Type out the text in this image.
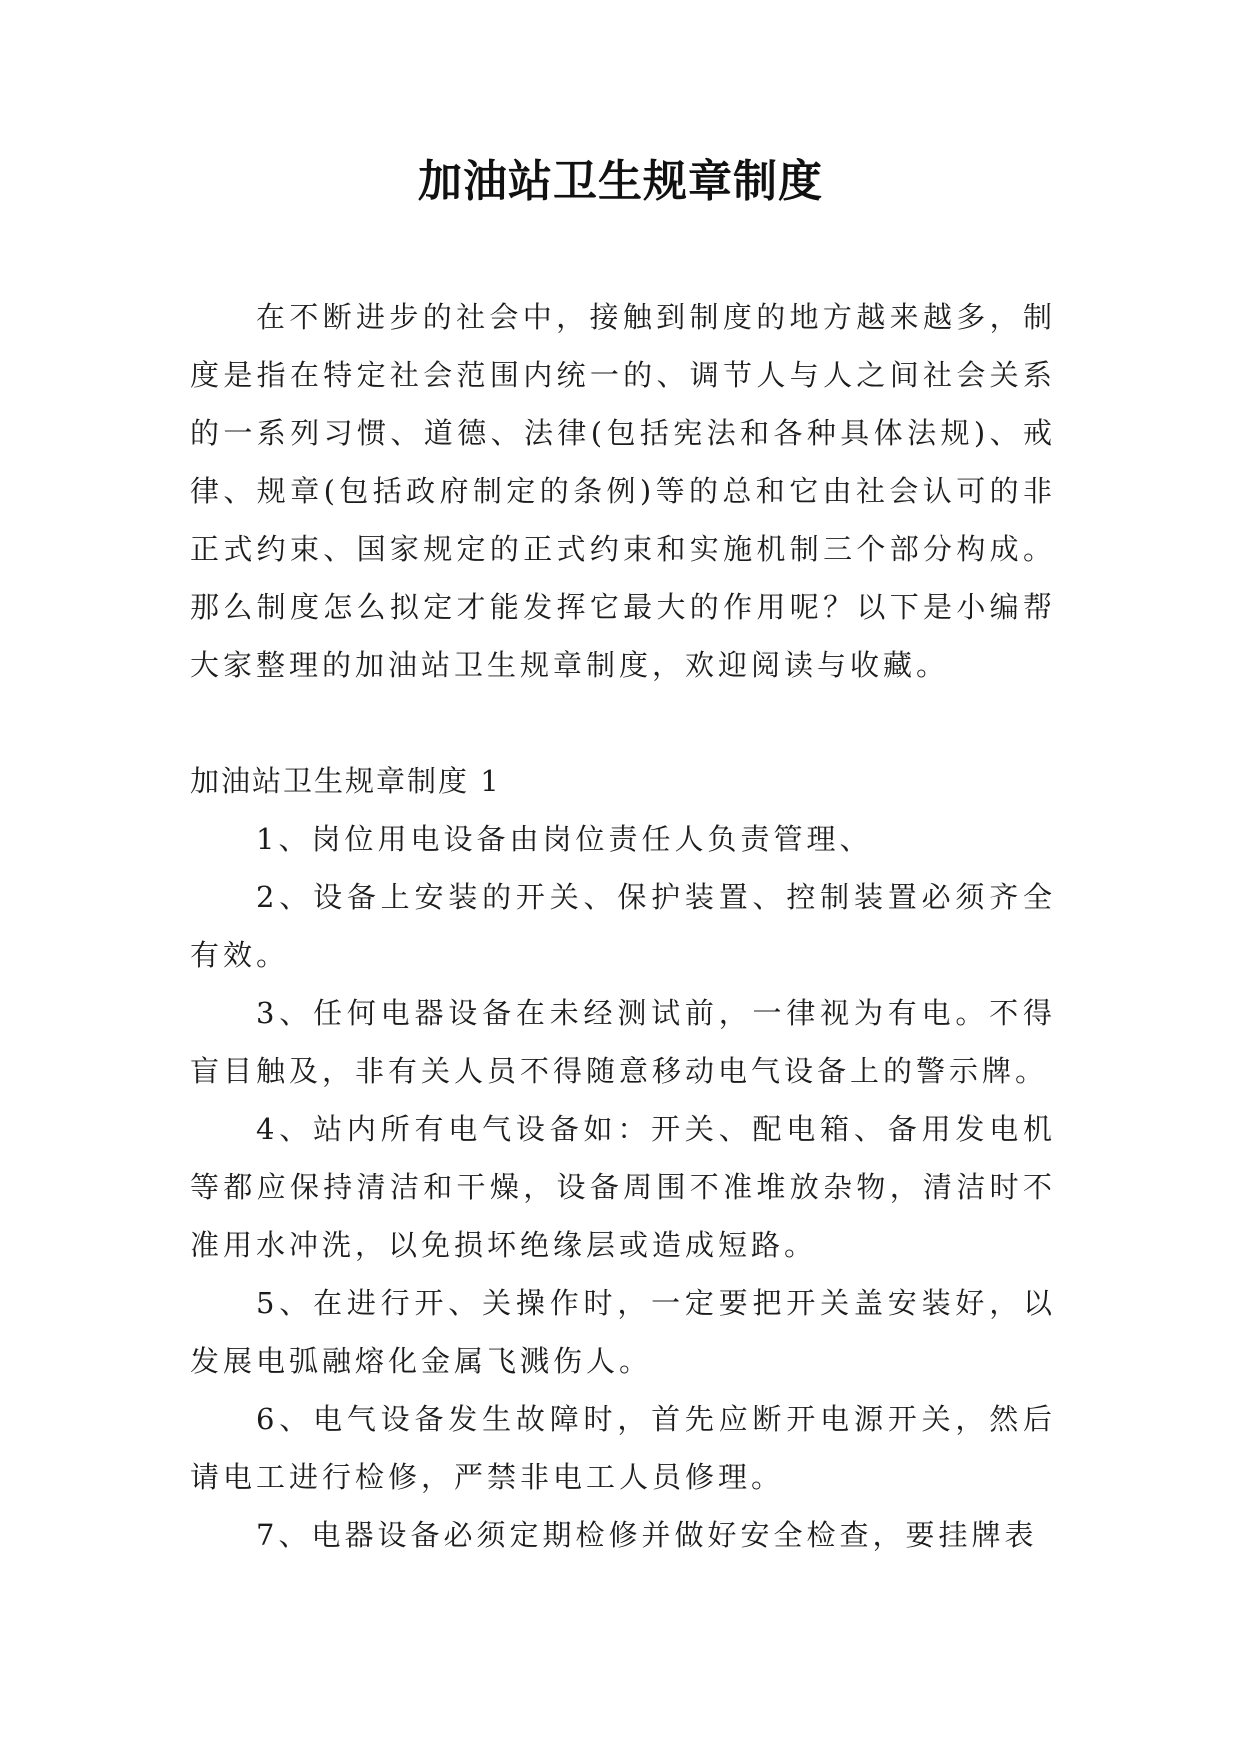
加油站卫生规章制度

在不断进步的社会中，接触到制度的地方越来越多，制度是指在特定社会范围内统一的、调节人与人之间社会关系的一系列习惯、道德、法律(包括宪法和各种具体法规)、戒律、规章(包括政府制定的条例)等的总和它由社会认可的非正式约束、国家规定的正式约束和实施机制三个部分构成。那么制度怎么拟定才能发挥它最大的作用呢？以下是小编帮大家整理的加油站卫生规章制度，欢迎阅读与收藏。

加油站卫生规章制度 1

1、岗位用电设备由岗位责任人负责管理、

2、设备上安装的开关、保护装置、控制装置必须齐全有效。

3、任何电器设备在未经测试前，一律视为有电。不得盲目触及，非有关人员不得随意移动电气设备上的警示牌。

4、站内所有电气设备如：开关、配电箱、备用发电机等都应保持清洁和干燥，设备周围不准堆放杂物，清洁时不准用水冲洗，以免损坏绝缘层或造成短路。

5、在进行开、关操作时，一定要把开关盖安装好，以发展电弧融熔化金属飞溅伤人。

6、电气设备发生故障时，首先应断开电源开关，然后请电工进行检修，严禁非电工人员修理。

7、电器设备必须定期检修并做好安全检查，要挂牌表
